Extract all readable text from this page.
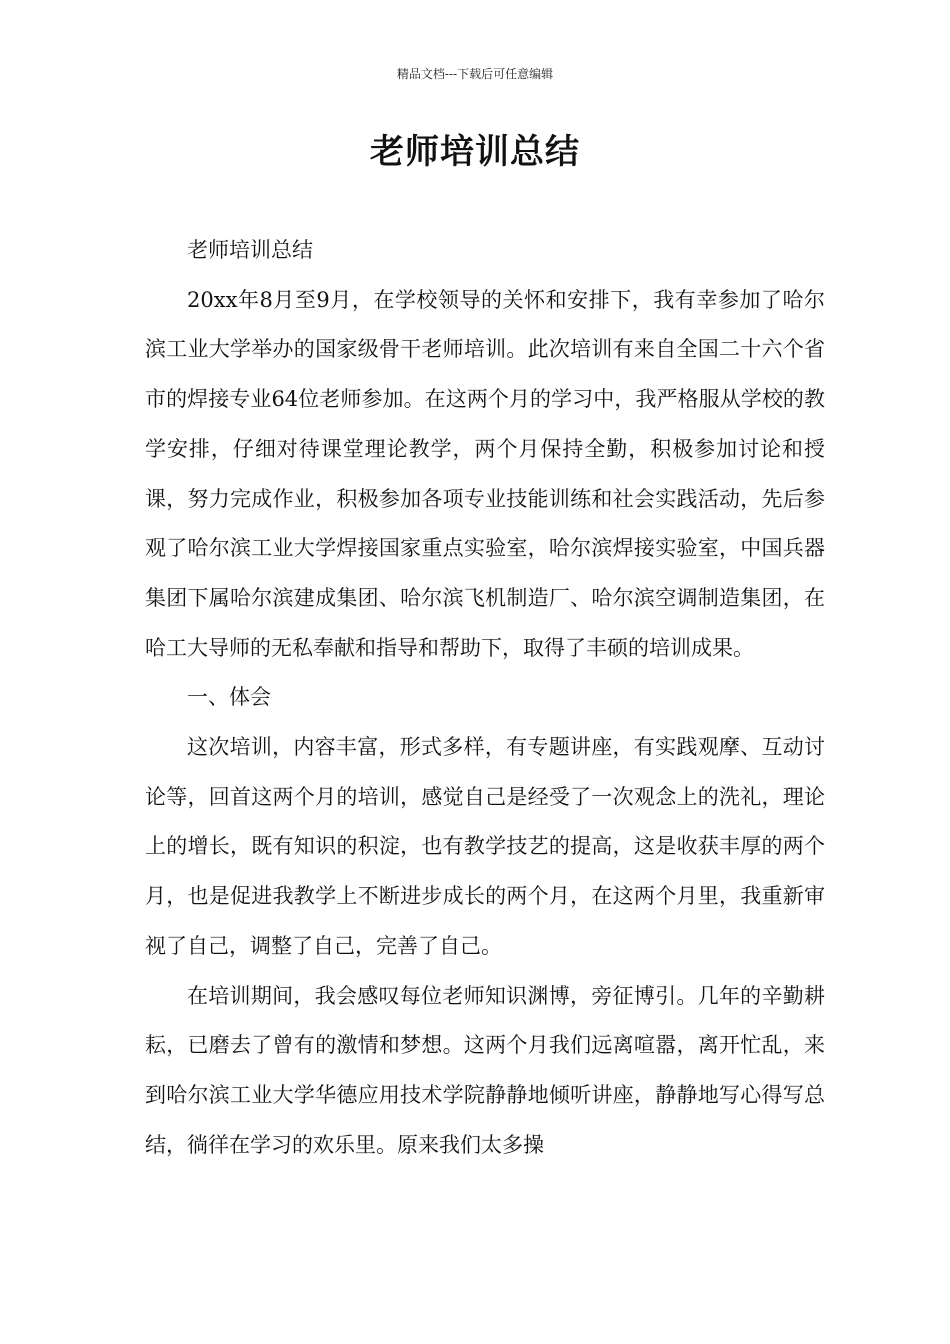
精品文档---下载后可任意编辑
老师培训总结

老师培训总结

20xx年8月至9月，在学校领导的关怀和安排下，我有幸参加了哈尔滨工业大学举办的国家级骨干老师培训。此次培训有来自全国二十六个省市的焊接专业64位老师参加。在这两个月的学习中，我严格服从学校的教学安排，仔细对待课堂理论教学，两个月保持全勤，积极参加讨论和授课，努力完成作业，积极参加各项专业技能训练和社会实践活动，先后参观了哈尔滨工业大学焊接国家重点实验室，哈尔滨焊接实验室，中国兵器集团下属哈尔滨建成集团、哈尔滨飞机制造厂、哈尔滨空调制造集团，在哈工大导师的无私奉献和指导和帮助下，取得了丰硕的培训成果。

一、体会

这次培训，内容丰富，形式多样，有专题讲座，有实践观摩、互动讨论等，回首这两个月的培训，感觉自己是经受了一次观念上的洗礼，理论上的增长，既有知识的积淀，也有教学技艺的提高，这是收获丰厚的两个月，也是促进我教学上不断进步成长的两个月，在这两个月里，我重新审视了自己，调整了自己，完善了自己。

在培训期间，我会感叹每位老师知识渊博，旁征博引。几年的辛勤耕耘，已磨去了曾有的激情和梦想。这两个月我们远离喧嚣，离开忙乱，来到哈尔滨工业大学华德应用技术学院静静地倾听讲座，静静地写心得写总结，徜徉在学习的欢乐里。原来我们太多操
